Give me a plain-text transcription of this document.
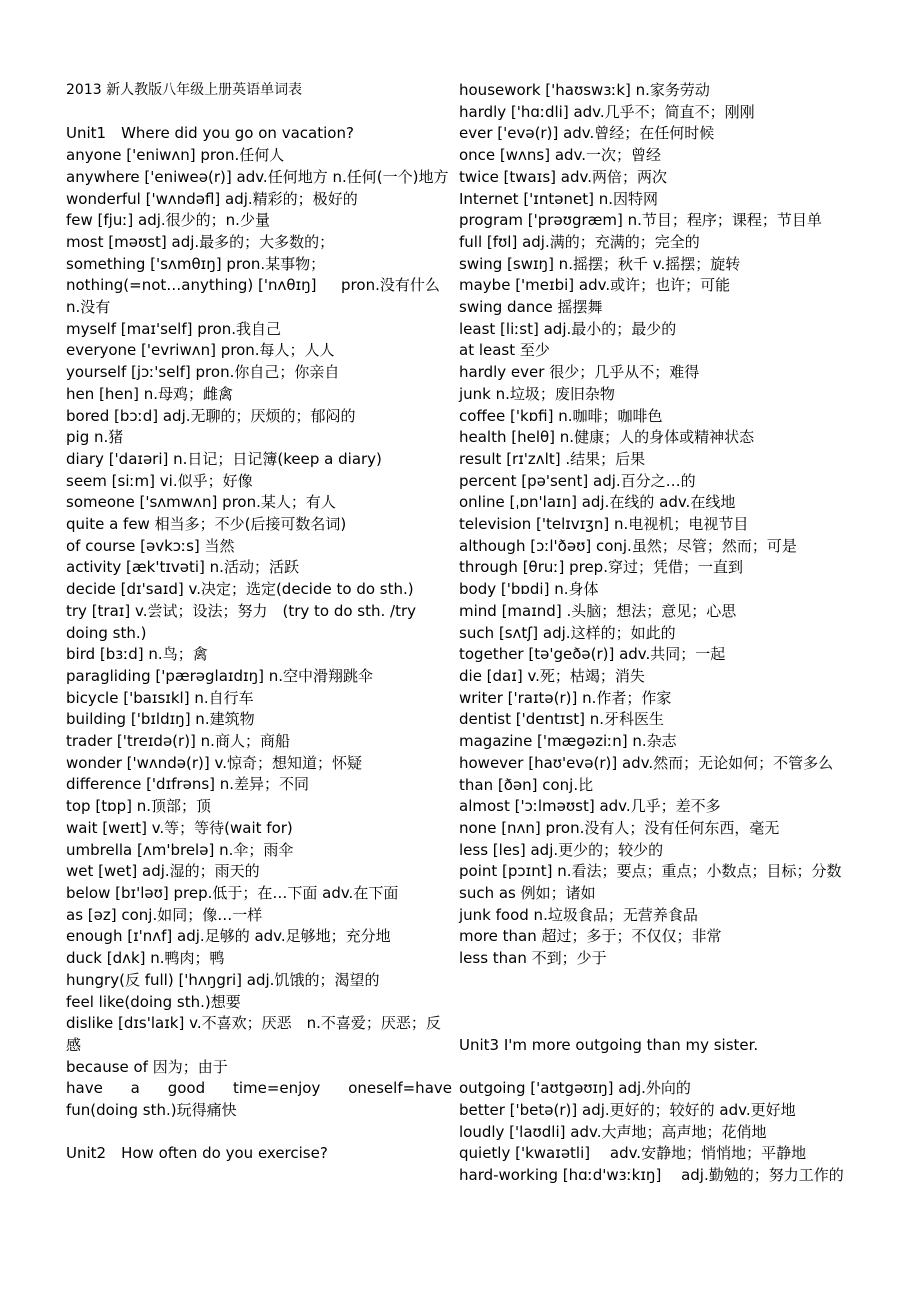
2013 新人教版八年级上册英语单词表
Unit1　Where did you go on vacation?
anyone ['eniwʌn] pron.任何人
anywhere ['eniweə(r)] adv.任何地方 n.任何(一个)地方
wonderful ['wʌndəfl] adj.精彩的；极好的
few [fjuː] adj.很少的；n.少量
most [məʊst] adj.最多的；大多数的；
something ['sʌmθɪŋ] pron.某事物；
nothing(=not…anything) ['nʌθɪŋ] 　 pron.没有什么 n.没有
myself [maɪ'self] pron.我自己
everyone ['evriwʌn] pron.每人；人人
yourself [jɔː'self] pron.你自己；你亲自
hen [hen] n.母鸡；雌禽
bored [bɔːd] adj.无聊的；厌烦的；郁闷的
pig n.猪
diary ['daɪəri] n.日记；日记簿(keep a diary)
seem [siːm] vi.似乎；好像
someone ['sʌmwʌn] pron.某人；有人
quite a few 相当多；不少(后接可数名词)
of course [əvkɔːs] 当然
activity [æk'tɪvəti] n.活动；活跃
decide [dɪ'saɪd] v.决定；选定(decide to do sth.)
try [traɪ] v.尝试；设法；努力　(try to do sth. /try doing sth.)
bird [bɜːd] n.鸟；禽
paragliding ['pærəglaɪdɪŋ] n.空中滑翔跳伞
bicycle ['baɪsɪkl] n.自行车
building ['bɪldɪŋ] n.建筑物
trader ['treɪdə(r)] n.商人；商船
wonder ['wʌndə(r)] v.惊奇；想知道；怀疑
difference ['dɪfrəns] n.差异；不同
top [tɒp] n.顶部；顶
wait [weɪt] v.等；等待(wait for)
umbrella [ʌm'brelə] n.伞；雨伞
wet [wet] adj.湿的；雨天的
below [bɪ'ləʊ] prep.低于；在…下面 adv.在下面
as [əz] conj.如同；像…一样
enough [ɪ'nʌf] adj.足够的 adv.足够地；充分地
duck [dʌk] n.鸭肉；鸭
hungry(反 full) ['hʌŋgri] adj.饥饿的；渴望的
feel like(doing sth.)想要
dislike [dɪs'laɪk] v.不喜欢；厌恶　n.不喜爱；厌恶；反感
because of 因为；由于
have a good time=enjoy oneself=have
fun(doing sth.)玩得痛快
Unit2　How often do you exercise?
housework ['haʊswɜːk] n.家务劳动
hardly ['hɑːdli] adv.几乎不；简直不；刚刚
ever ['evə(r)] adv.曾经；在任何时候
once [wʌns] adv.一次；曾经
twice [twaɪs] adv.两倍；两次
Internet ['ɪntənet] n.因特网
program ['prəʊgræm] n.节目；程序；课程；节目单
full [fʊl] adj.满的；充满的；完全的
swing [swɪŋ] n.摇摆；秋千 v.摇摆；旋转
maybe ['meɪbi] adv.或许；也许；可能
swing dance 摇摆舞
least [liːst] adj.最小的；最少的
at least 至少
hardly ever 很少；几乎从不；难得
junk n.垃圾；废旧杂物
coffee ['kɒfi] n.咖啡；咖啡色
health [helθ] n.健康；人的身体或精神状态
result [rɪ'zʌlt] .结果；后果
percent [pə'sent] adj.百分之…的
online [ˌɒn'laɪn] adj.在线的 adv.在线地
television ['telɪvɪʒn] n.电视机；电视节目
although [ɔːl'ðəʊ] conj.虽然；尽管；然而；可是
through [θruː] prep.穿过；凭借；一直到
body ['bɒdi] n.身体
mind [maɪnd] .头脑；想法；意见；心思
such [sʌtʃ] adj.这样的；如此的
together [tə'geðə(r)] adv.共同；一起
die [daɪ] v.死；枯竭；消失
writer ['raɪtə(r)] n.作者；作家
dentist ['dentɪst] n.牙科医生
magazine ['mægəziːn] n.杂志
however [haʊ'evə(r)] adv.然而；无论如何；不管多么
than [ðən] conj.比
almost ['ɔːlməʊst] adv.几乎；差不多
none [nʌn] pron.没有人；没有任何东西，毫无
less [les] adj.更少的；较少的
point [pɔɪnt] n.看法；要点；重点；小数点；目标；分数
such as 例如；诸如
junk food n.垃圾食品；无营养食品
more than 超过；多于；不仅仅；非常
less than 不到；少于
Unit3 I'm more outgoing than my sister.
outgoing ['aʊtgəʊɪŋ] adj.外向的
better ['betə(r)] adj.更好的；较好的 adv.更好地
loudly ['laʊdli] adv.大声地；高声地；花俏地
quietly ['kwaɪətli] 　adv.安静地；悄悄地；平静地
hard-working [hɑːd'wɜːkɪŋ] 　adj.勤勉的；努力工作的
